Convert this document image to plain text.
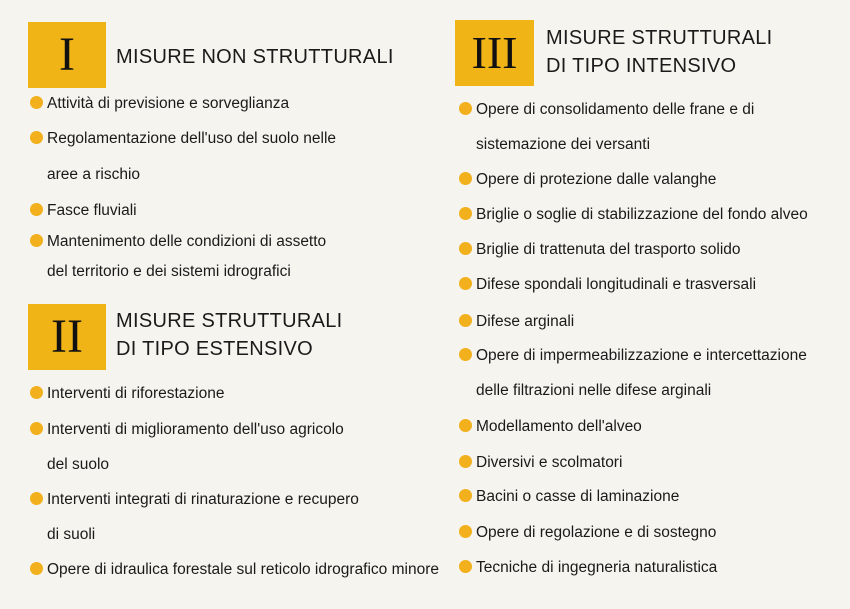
I	MISURE NON STRUTTURALI
II	MISURE STRUTTURALI
DI TIPO ESTENSIVO
III	MISURE STRUTTURALI
DI TIPO INTENSIVO
Attività di previsione e sorveglianza
Regolamentazione dell'uso del suolo nelle
aree a rischio
Fasce fluviali
Mantenimento delle condizioni di assetto
del territorio e dei sistemi idrografici
Interventi di riforestazione
Interventi di miglioramento dell'uso agricolo
del suolo
Interventi integrati di rinaturazione e recupero
di suoli
Opere di idraulica forestale sul reticolo idrografico minore
Opere di consolidamento delle frane e di
sistemazione dei versanti
Opere di protezione dalle valanghe
Briglie o soglie di stabilizzazione del fondo alveo
Briglie di trattenuta del trasporto solido
Difese spondali longitudinali e trasversali
Difese arginali
Opere di impermeabilizzazione e intercettazione
delle filtrazioni nelle difese arginali
Modellamento dell'alveo
Diversivi e scolmatori
Bacini o casse di laminazione
Opere di regolazione e di sostegno
Tecniche di ingegneria naturalistica
